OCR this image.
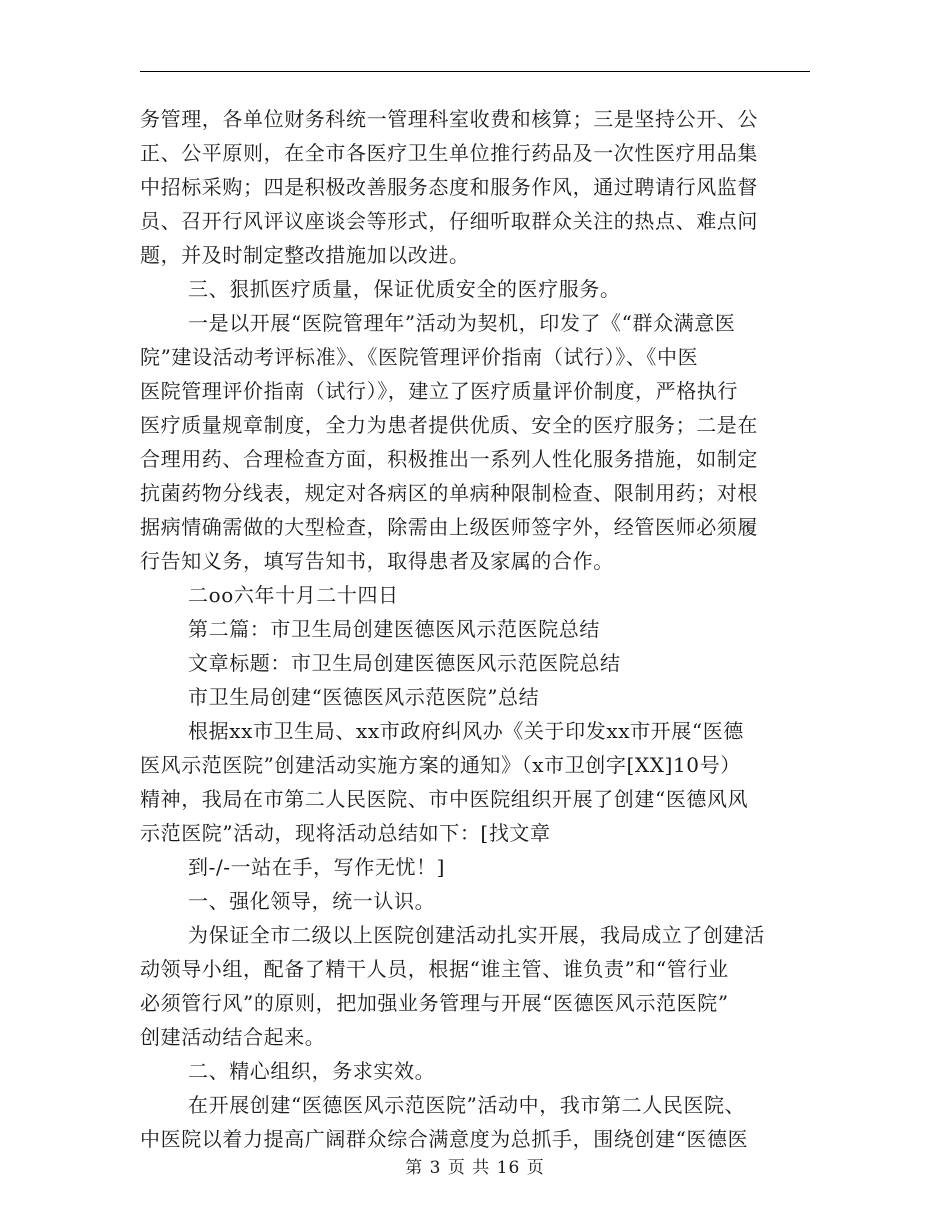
务管理，各单位财务科统一管理科室收费和核算；三是坚持公开、公
正、公平原则，在全市各医疗卫生单位推行药品及一次性医疗用品集
中招标采购；四是积极改善服务态度和服务作风，通过聘请行风监督
员、召开行风评议座谈会等形式，仔细听取群众关注的热点、难点问
题，并及时制定整改措施加以改进。
三、狠抓医疗质量，保证优质安全的医疗服务。
一是以开展“医院管理年”活动为契机，印发了《“群众满意医
院”建设活动考评标准》、《医院管理评价指南（试行）》、《中医
医院管理评价指南（试行）》，建立了医疗质量评价制度，严格执行
医疗质量规章制度，全力为患者提供优质、安全的医疗服务；二是在
合理用药、合理检查方面，积极推出一系列人性化服务措施，如制定
抗菌药物分线表，规定对各病区的单病种限制检查、限制用药；对根
据病情确需做的大型检查，除需由上级医师签字外，经管医师必须履
行告知义务，填写告知书，取得患者及家属的合作。
二oo六年十月二十四日
第二篇：市卫生局创建医德医风示范医院总结
文章标题：市卫生局创建医德医风示范医院总结
市卫生局创建“医德医风示范医院”总结
根据xx市卫生局、xx市政府纠风办《关于印发xx市开展“医德
医风示范医院”创建活动实施方案的通知》（x市卫创字[XX]10号）
精神，我局在市第二人民医院、市中医院组织开展了创建“医德风风
示范医院”活动，现将活动总结如下：[找文章
到-/-一站在手，写作无忧！]
一、强化领导，统一认识。
为保证全市二级以上医院创建活动扎实开展，我局成立了创建活
动领导小组，配备了精干人员，根据“谁主管、谁负责”和“管行业
必须管行风”的原则，把加强业务管理与开展“医德医风示范医院”
创建活动结合起来。
二、精心组织，务求实效。
在开展创建“医德医风示范医院”活动中，我市第二人民医院、
中医院以着力提高广阔群众综合满意度为总抓手，围绕创建“医德医
第 3 页 共 16 页
